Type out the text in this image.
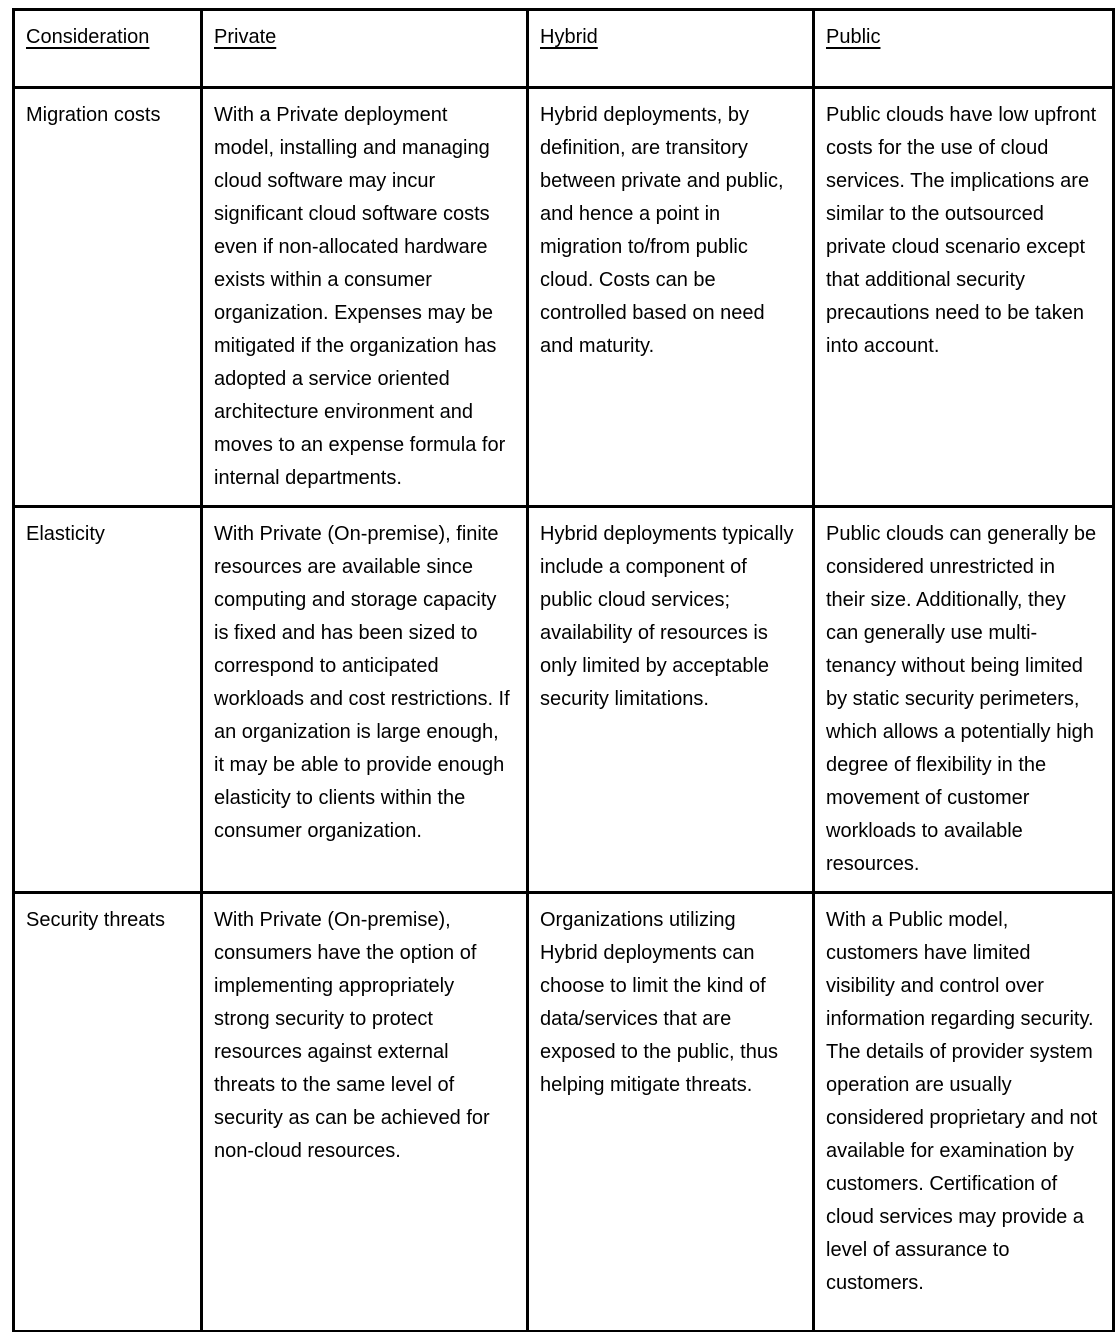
Consideration	Private	Hybrid	Public
Migration costs	With a Private deployment model, installing and managing cloud software may incur significant cloud software costs even if non-allocated hardware exists within a consumer organization. Expenses may be mitigated if the organization has adopted a service oriented architecture environment and moves to an expense formula for internal departments.	Hybrid deployments, by definition, are transitory between private and public, and hence a point in migration to/from public cloud. Costs can be controlled based on need and maturity.	Public clouds have low upfront costs for the use of cloud services. The implications are similar to the outsourced private cloud scenario except that additional security precautions need to be taken into account.
Elasticity	With Private (On-premise), finite resources are available since computing and storage capacity is fixed and has been sized to correspond to anticipated workloads and cost restrictions. If an organization is large enough, it may be able to provide enough elasticity to clients within the consumer organization.	Hybrid deployments typically include a component of public cloud services; availability of resources is only limited by acceptable security limitations.	Public clouds can generally be considered unrestricted in their size. Additionally, they can generally use multi-tenancy without being limited by static security perimeters, which allows a potentially high degree of flexibility in the movement of customer workloads to available resources.
Security threats	With Private (On-premise), consumers have the option of implementing appropriately strong security to protect resources against external threats to the same level of security as can be achieved for non-cloud resources.	Organizations utilizing Hybrid deployments can choose to limit the kind of data/services that are exposed to the public, thus helping mitigate threats.	With a Public model, customers have limited visibility and control over information regarding security. The details of provider system operation are usually considered proprietary and not available for examination by customers. Certification of cloud services may provide a level of assurance to customers.
